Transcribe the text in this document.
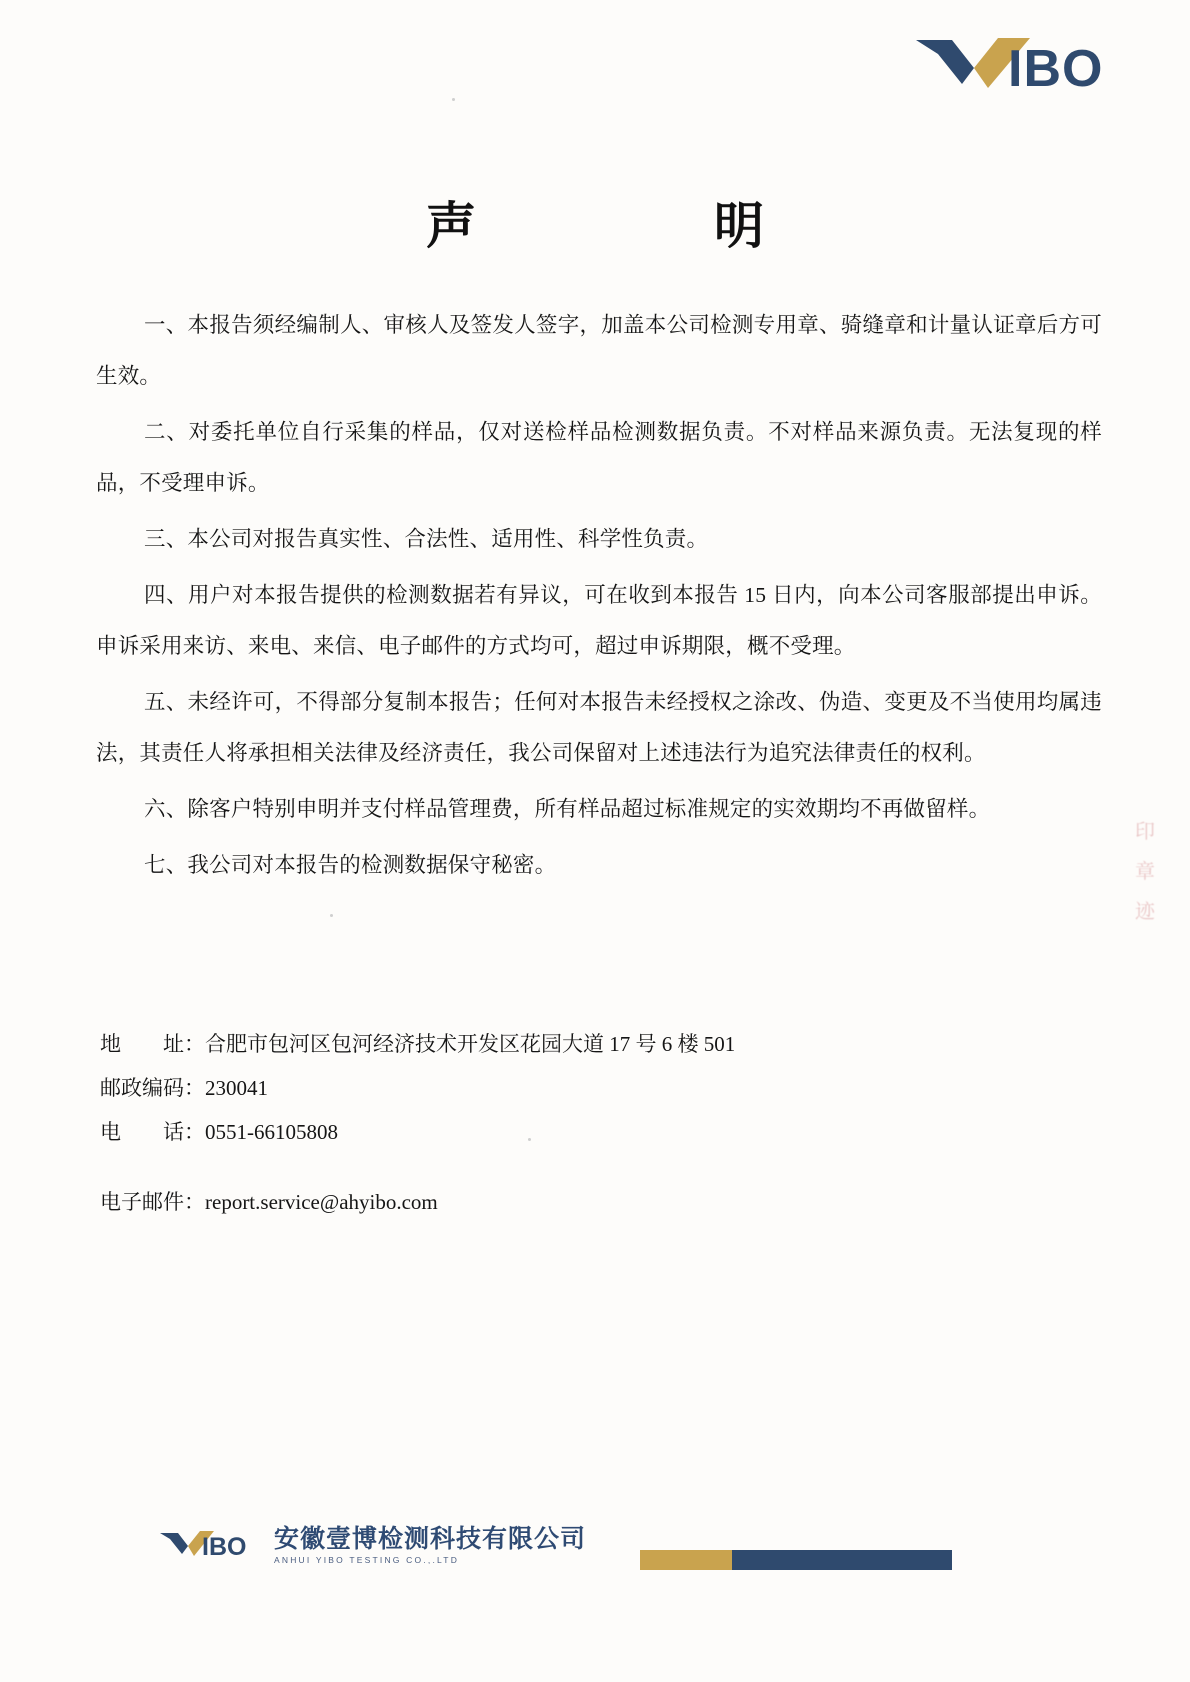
IBO
声　　明

一、本报告须经编制人、审核人及签发人签字，加盖本公司检测专用章、骑缝章和计量认证章后方可生效。

二、对委托单位自行采集的样品，仅对送检样品检测数据负责。不对样品来源负责。无法复现的样品，不受理申诉。

三、本公司对报告真实性、合法性、适用性、科学性负责。

四、用户对本报告提供的检测数据若有异议，可在收到本报告 15 日内，向本公司客服部提出申诉。申诉采用来访、来电、来信、电子邮件的方式均可，超过申诉期限，概不受理。

五、未经许可，不得部分复制本报告；任何对本报告未经授权之涂改、伪造、变更及不当使用均属违法，其责任人将承担相关法律及经济责任，我公司保留对上述违法行为追究法律责任的权利。

六、除客户特别申明并支付样品管理费，所有样品超过标准规定的实效期均不再做留样。

七、我公司对本报告的检测数据保守秘密。

印
章
迹
地　　址：合肥市包河区包河经济技术开发区花园大道 17 号 6 楼 501
邮政编码：230041
电　　话：0551-66105808
电子邮件：report.service@ahyibo.com
IBO 安徽壹博检测科技有限公司
ANHUI YIBO TESTING CO.,.LTD
